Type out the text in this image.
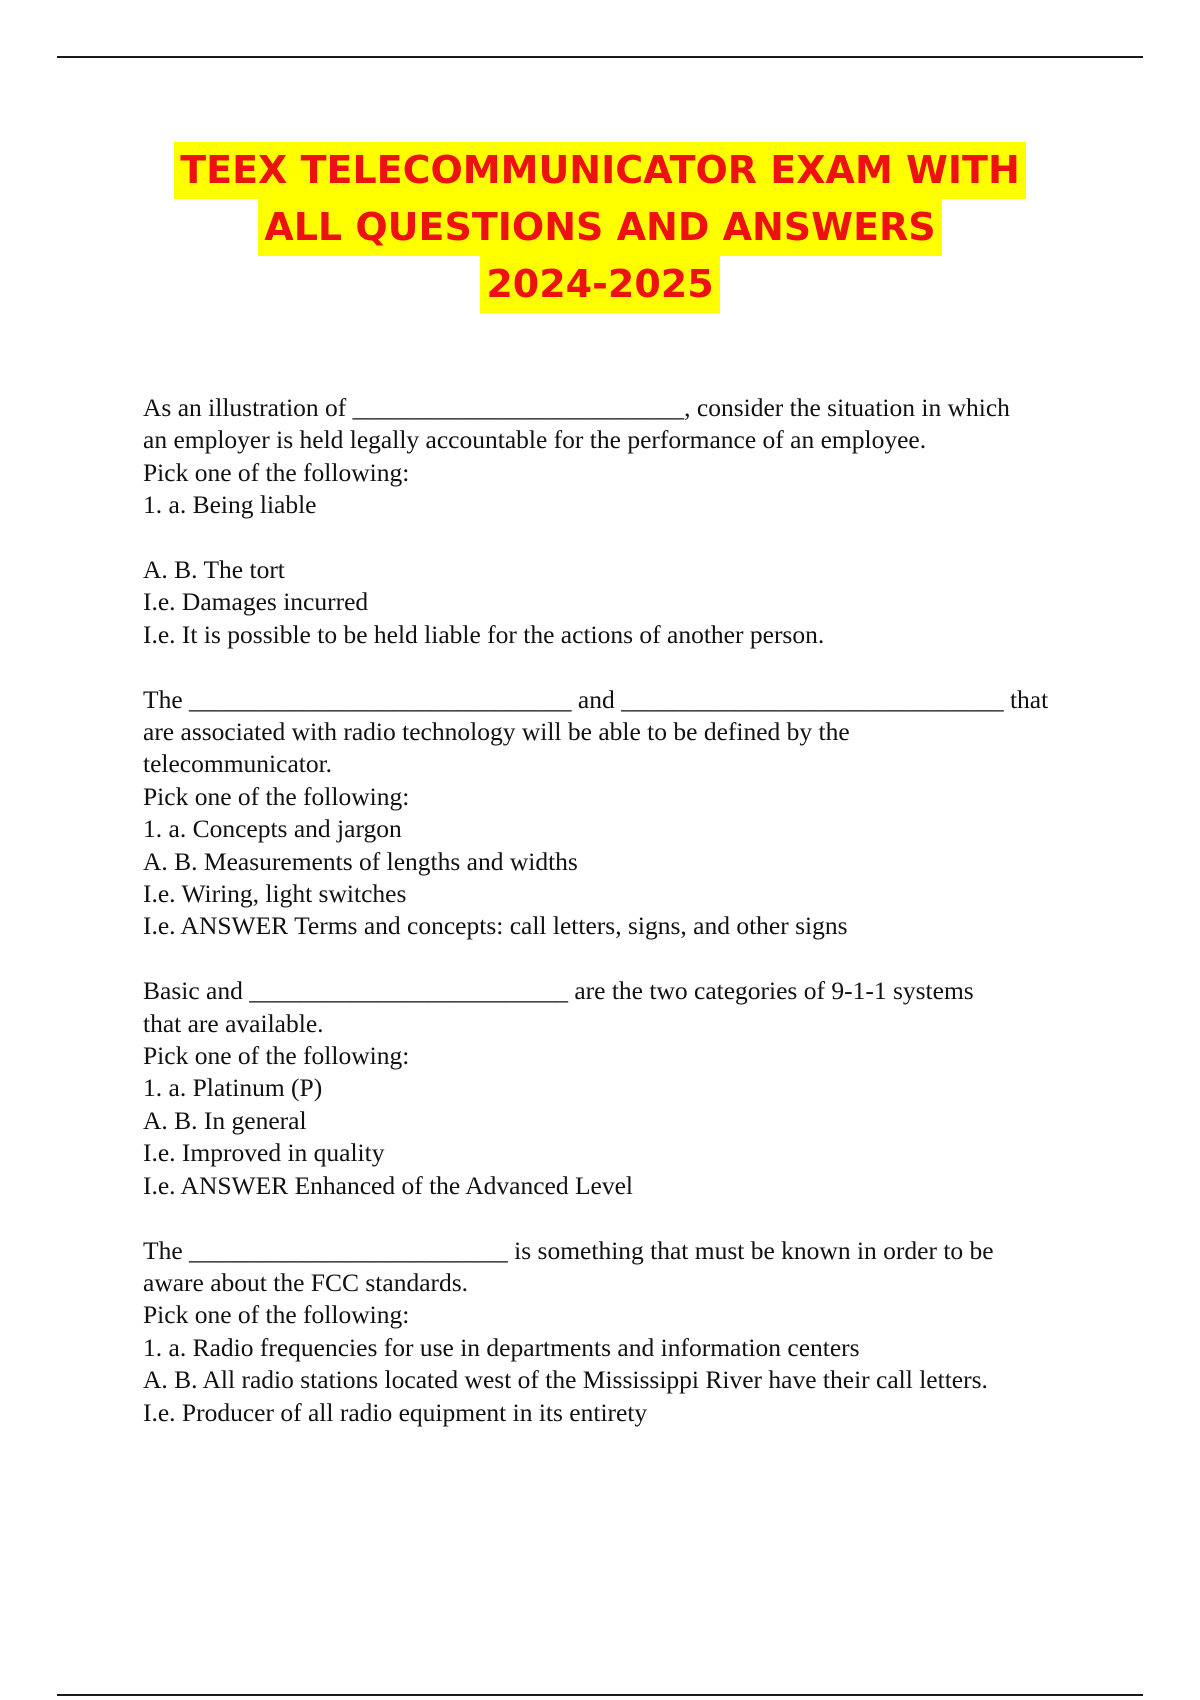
TEEX TELECOMMUNICATOR EXAM WITH
ALL QUESTIONS AND ANSWERS
2024-2025
As an illustration of __________________________, consider the situation in which
an employer is held legally accountable for the performance of an employee.
Pick one of the following:
1. a. Being liable
A. B. The tort
I.e. Damages incurred
I.e. It is possible to be held liable for the actions of another person.
The ______________________________ and ______________________________ that
are associated with radio technology will be able to be defined by the
telecommunicator.
Pick one of the following:
1. a. Concepts and jargon
A. B. Measurements of lengths and widths
I.e. Wiring, light switches
I.e. ANSWER Terms and concepts: call letters, signs, and other signs
Basic and _________________________ are the two categories of 9-1-1 systems
that are available.
Pick one of the following:
1. a. Platinum (P)
A. B. In general
I.e. Improved in quality
I.e. ANSWER Enhanced of the Advanced Level
The _________________________ is something that must be known in order to be
aware about the FCC standards.
Pick one of the following:
1. a. Radio frequencies for use in departments and information centers
A. B. All radio stations located west of the Mississippi River have their call letters.
I.e. Producer of all radio equipment in its entirety
